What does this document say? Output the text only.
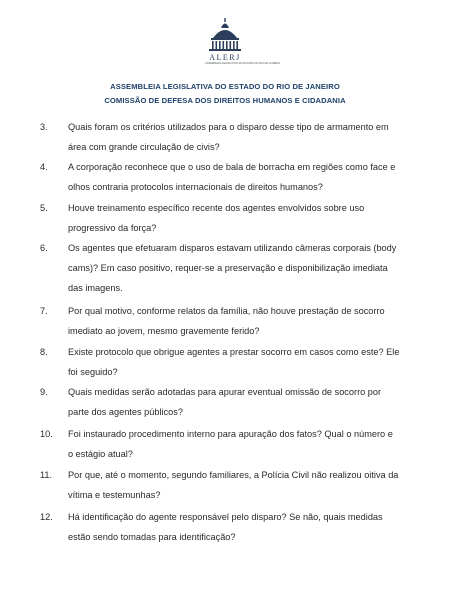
ALERJ
ASSEMBLEIA LEGISLATIVA DO ESTADO DO RIO DE JANEIRO
ASSEMBLEIA LEGISLATIVA DO ESTADO DO RIO DE JANEIRO
COMISSÃO DE DEFESA DOS DIREITOS HUMANOS E CIDADANIA
3. Quais foram os critérios utilizados para o disparo desse tipo de armamento em área com grande circulação de civis?
4. A corporação reconhece que o uso de bala de borracha em regiões como face e olhos contraria protocolos internacionais de direitos humanos?
5. Houve treinamento específico recente dos agentes envolvidos sobre uso progressivo da força?
6. Os agentes que efetuaram disparos estavam utilizando câmeras corporais (body cams)? Em caso positivo, requer-se a preservação e disponibilização imediata das imagens.
7. Por qual motivo, conforme relatos da família, não houve prestação de socorro imediato ao jovem, mesmo gravemente ferido?
8. Existe protocolo que obrigue agentes a prestar socorro em casos como este? Ele foi seguido?
9. Quais medidas serão adotadas para apurar eventual omissão de socorro por parte dos agentes públicos?
10. Foi instaurado procedimento interno para apuração dos fatos? Qual o número e o estágio atual?
11. Por que, até o momento, segundo familiares, a Polícia Civil não realizou oitiva da vítima e testemunhas?
12. Há identificação do agente responsável pelo disparo? Se não, quais medidas estão sendo tomadas para identificação?
